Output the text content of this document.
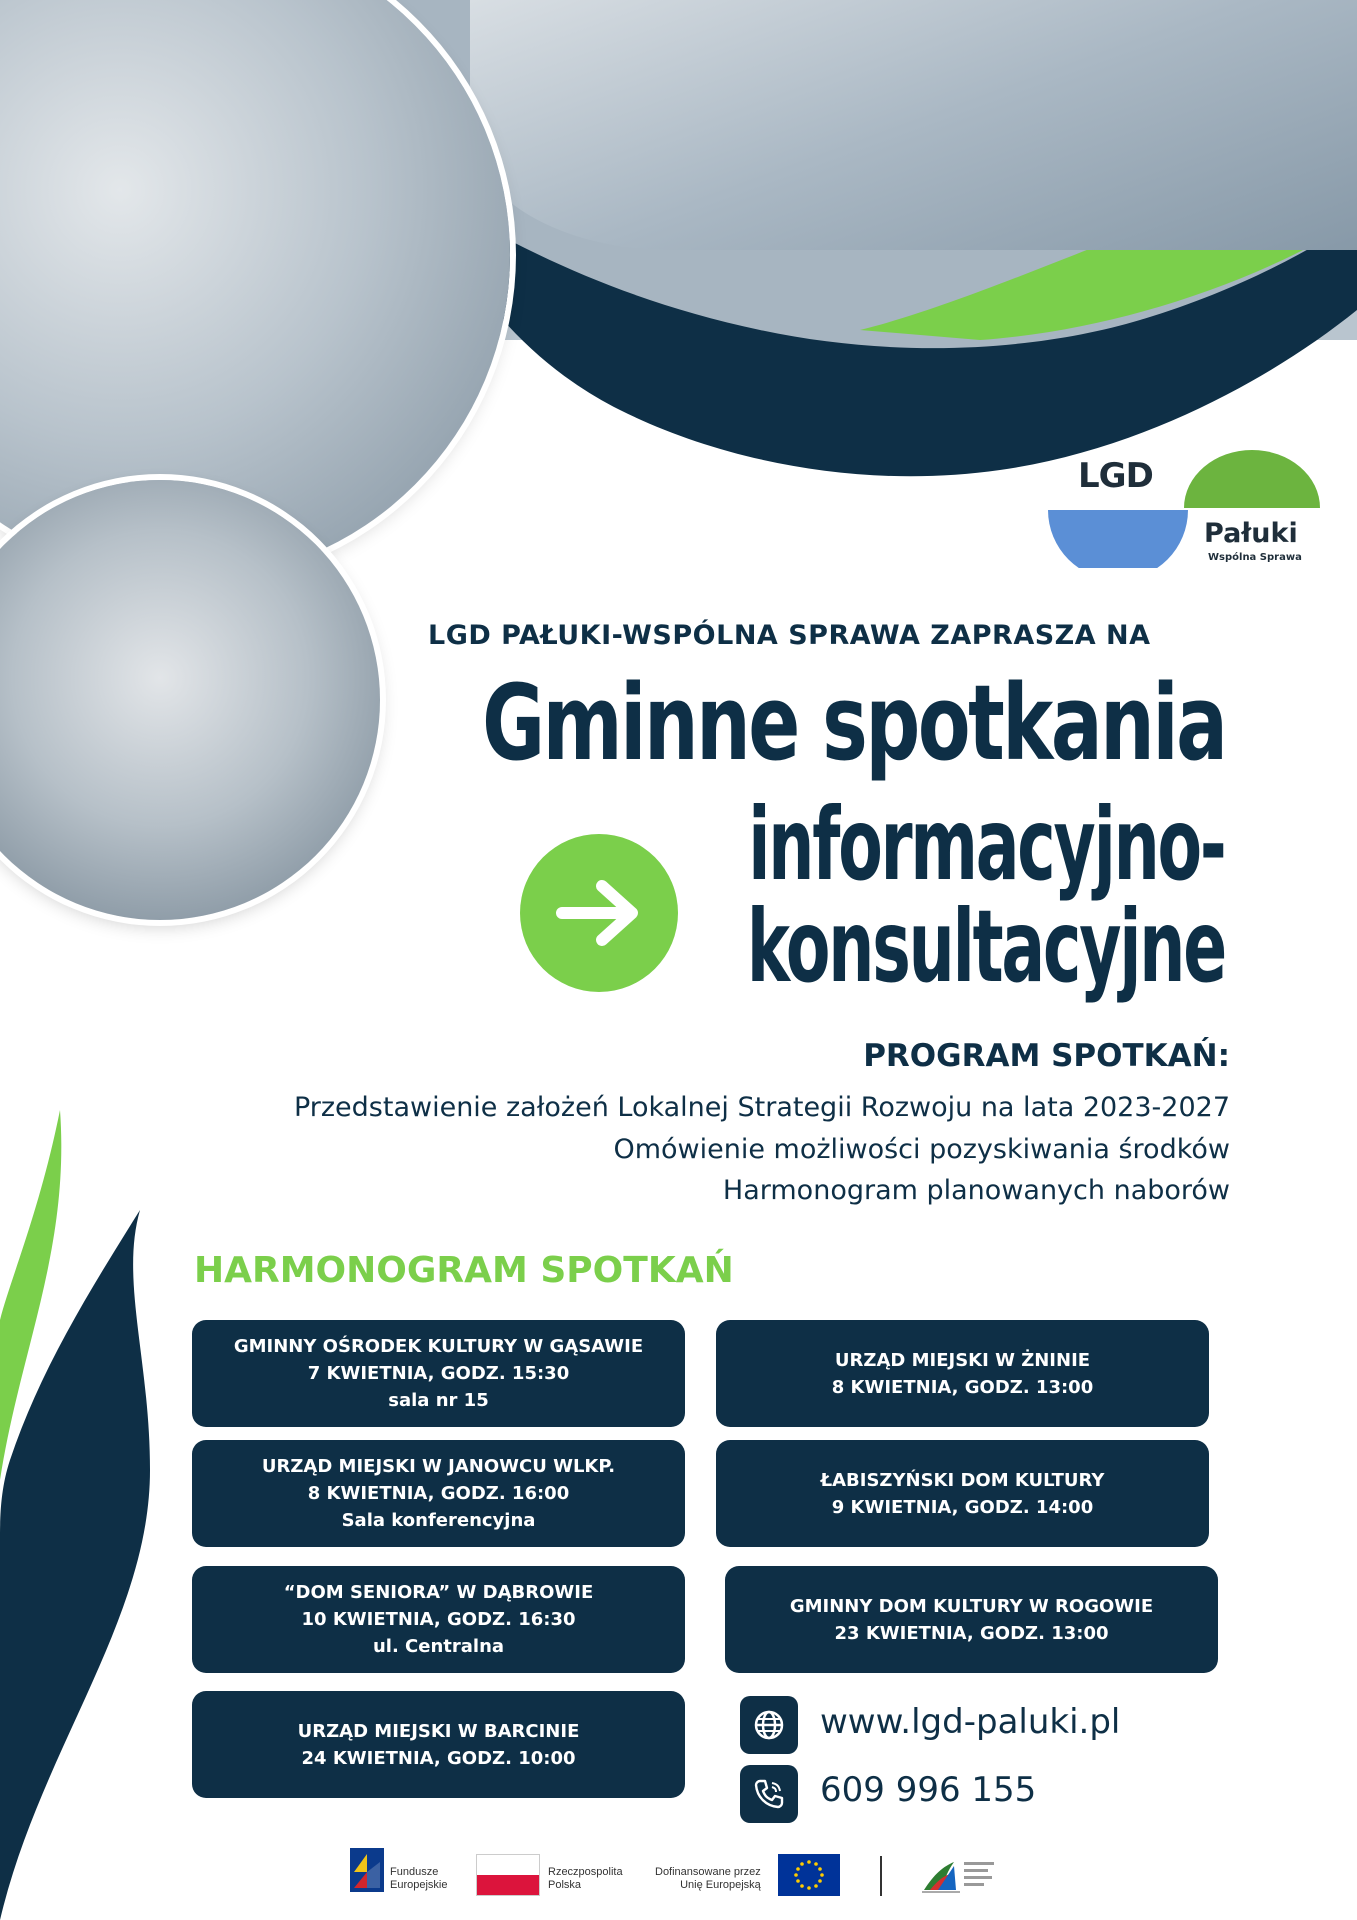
LGD
Pałuki
Wspólna Sprawa
LGD PAŁUKI-WSPÓLNA SPRAWA ZAPRASZA NA
Gminne spotkania
informacyjno-
konsultacyjne
PROGRAM SPOTKAŃ:
Przedstawienie założeń Lokalnej Strategii Rozwoju na lata 2023-2027
Omówienie możliwości pozyskiwania środków
Harmonogram planowanych naborów
HARMONOGRAM SPOTKAŃ
GMINNY OŚRODEK KULTURY W GĄSAWIE
7 KWIETNIA, GODZ. 15:30
sala nr 15
URZĄD MIEJSKI W ŻNINIE
8 KWIETNIA, GODZ. 13:00
URZĄD MIEJSKI W JANOWCU WLKP.
8 KWIETNIA, GODZ. 16:00
Sala konferencyjna
ŁABISZYŃSKI DOM KULTURY
9 KWIETNIA, GODZ. 14:00
“DOM SENIORA” W DĄBROWIE
10 KWIETNIA, GODZ. 16:30
ul. Centralna
GMINNY DOM KULTURY W ROGOWIE
23 KWIETNIA, GODZ. 13:00
URZĄD MIEJSKI W BARCINIE
24 KWIETNIA, GODZ. 10:00
www.lgd-paluki.pl
609 996 155
Fundusze
Europejskie
Rzeczpospolita
Polska
Dofinansowane przez
Unię Europejską
